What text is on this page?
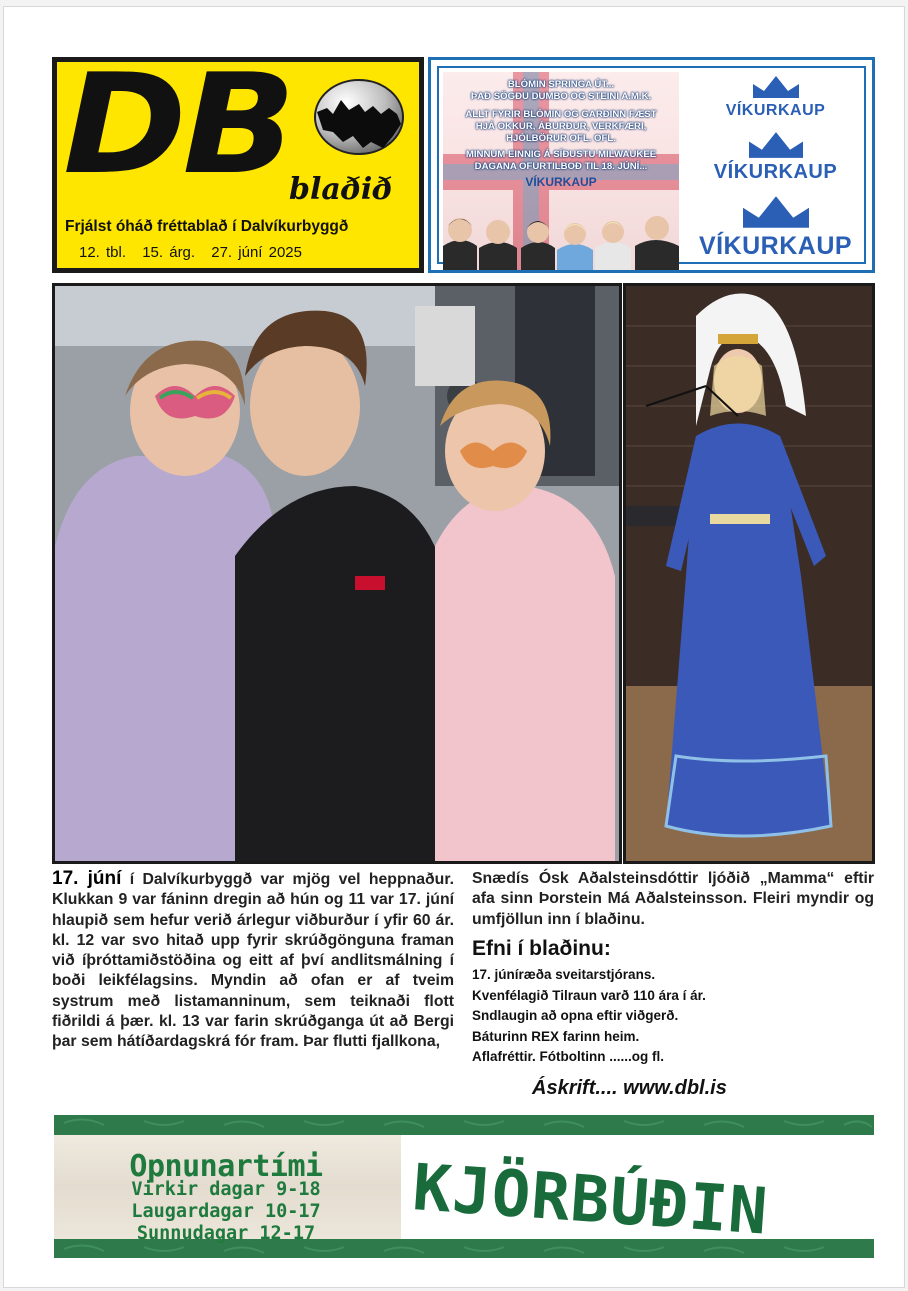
DB
blaðið
Frjálst óháð fréttablað í Dalvíkurbyggð
12. tbl. 15. árg. 27. júní 2025
BLÓMIN SPRINGA ÚT...
ÞAÐ SÖGÐU DUMBO OG STEINI A.M.K.
ALLT FYRIR BLÓMIN OG GARÐINN FÆST
HJÁ OKKUR, ÁBURÐUR, VERKFÆRI,
HJÓLBÖRUR OFL. OFL.
MINNUM EINNIG Á SÍÐUSTU MILWAUKEE
DAGANA OFURTILBOÐ TIL 18. JÚNÍ...
VÍKURKAUP
VÍKURKAUP
VÍKURKAUP
VÍKURKAUP
17. júní í Dalvíkurbyggð var mjög vel heppnaður. Klukkan 9 var fáninn dregin að hún og 11 var 17. júní hlaupið sem hefur verið árlegur viðburður í yfir 60 ár. kl. 12 var svo hitað upp fyrir skrúðgönguna framan við íþróttamiðstöðina og eitt af því andlitsmálning í boði leikfélagsins. Myndin að ofan er af tveim systrum með listamanninum, sem teiknaði flott fiðrildi á þær. kl. 13 var farin skrúðganga út að Bergi þar sem hátíðardagskrá fór fram. Þar flutti fjallkona,
Snædís Ósk Aðalsteinsdóttir ljóðið „Mamma“ eftir afa sinn Þorstein Má Aðalsteinsson. Fleiri myndir og umfjöllun inn í blaðinu.
Efni í blaðinu:
17. júníræða sveitarstjórans.
Kvenfélagið Tilraun varð 110 ára í ár.
Sndlaugin að opna eftir viðgerð.
Báturinn REX farinn heim.
Aflafréttir. Fótboltinn ......og fl.
Áskrift.... www.dbl.is
Opnunartími
Virkir dagar 9-18
Laugardagar 10-17
Sunnudagar 12-17	KJÖRBÚÐIN
